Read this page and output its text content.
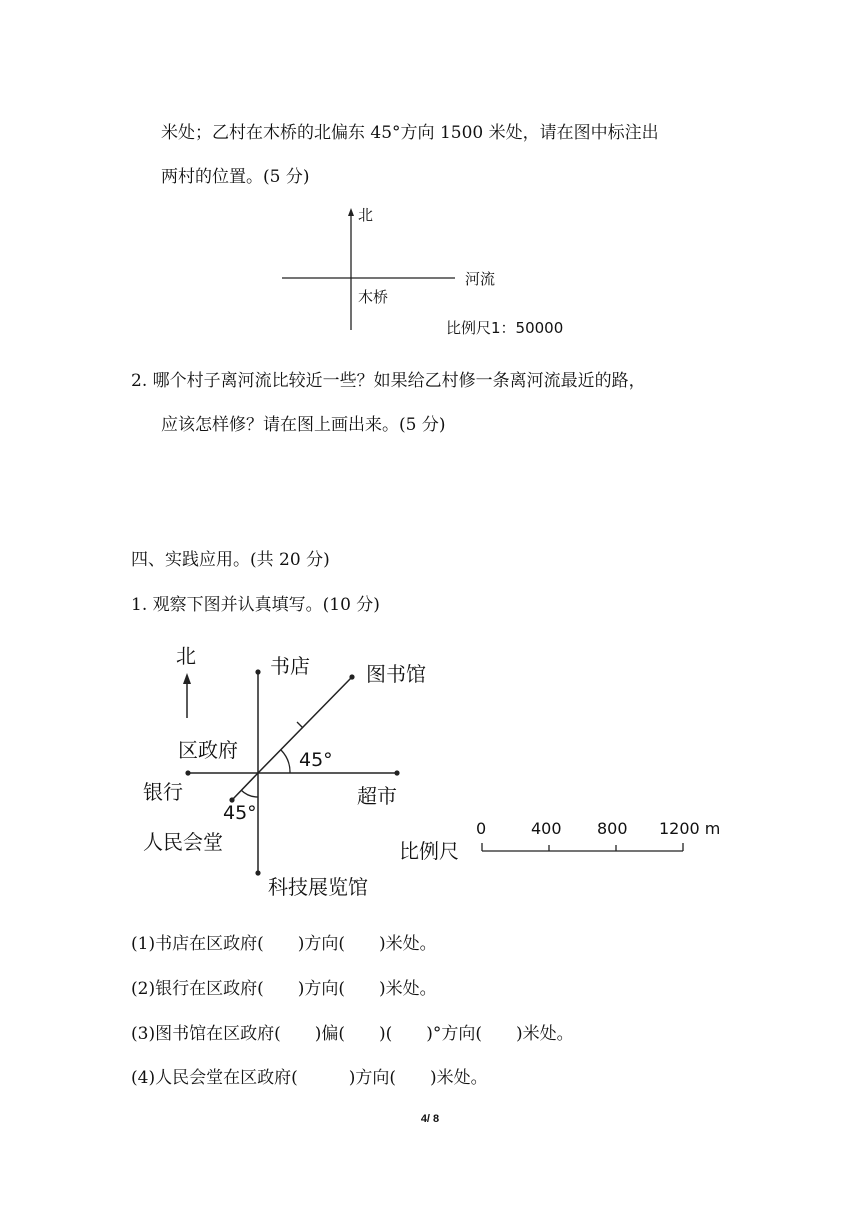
米处；乙村在木桥的北偏东 45°方向 1500 米处，请在图中标注出
两村的位置。(5 分)
北
河流
木桥
比例尺1：50000
2. 哪个村子离河流比较近一些？如果给乙村修一条离河流最近的路，
应该怎样修？请在图上画出来。(5 分)
四、实践应用。(共 20 分)
1. 观察下图并认真填写。(10 分)
北	书店	图书馆
区政府	45°
银行	超市
45°
人民会堂
科技展览馆
比例尺
0	400 800 1200 m
(1)书店在区政府(　　)方向(　　)米处。
(2)银行在区政府(　　)方向(　　)米处。
(3)图书馆在区政府(　　)偏(　　)(　　)°方向(　　)米处。
(4)人民会堂在区政府(　　　)方向(　　)米处。
4/ 8
